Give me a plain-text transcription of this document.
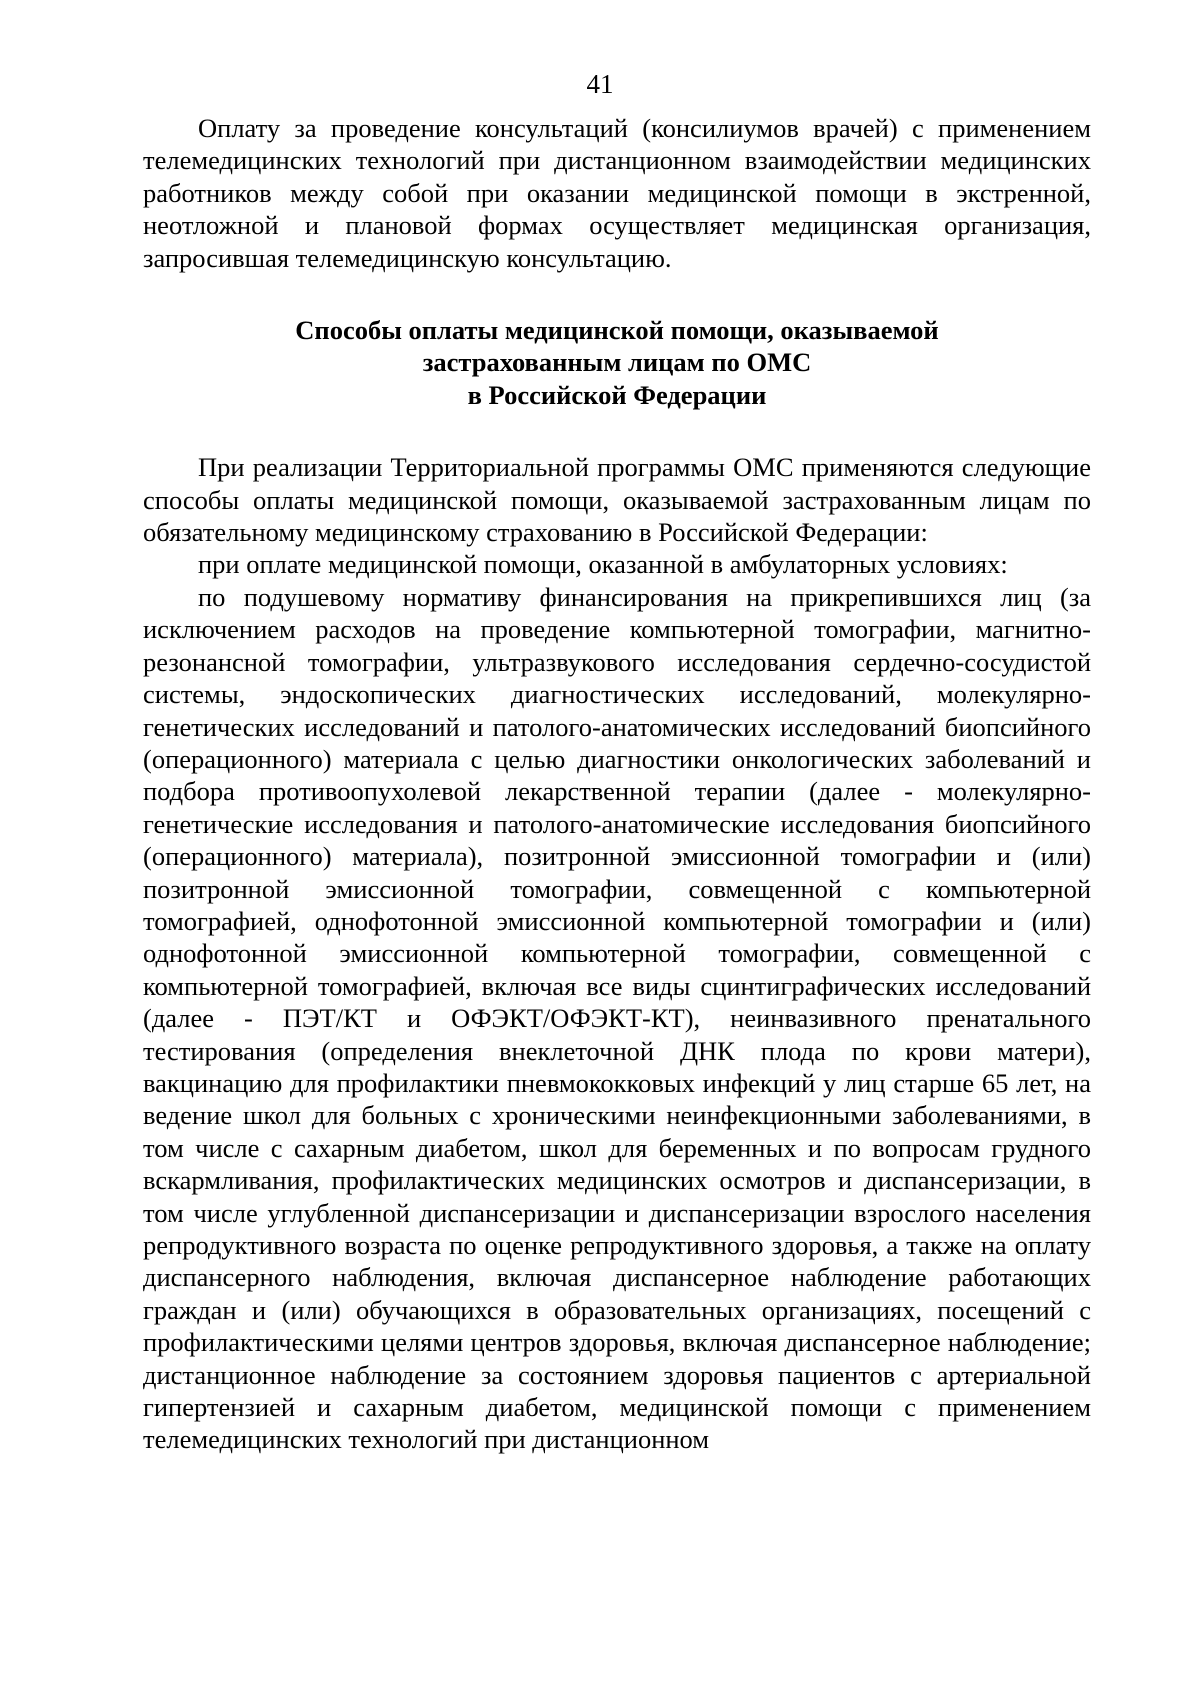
41

Оплату за проведение консультаций (консилиумов врачей) с применением телемедицинских технологий при дистанционном взаимодействии медицинских работников между собой при оказании медицинской помощи в экстренной, неотложной и плановой формах осуществляет медицинская организация, запросившая телемедицинскую консультацию.

Способы оплаты медицинской помощи, оказываемой
застрахованным лицам по ОМС
в Российской Федерации

При реализации Территориальной программы ОМС применяются следующие способы оплаты медицинской помощи, оказываемой застрахованным лицам по обязательному медицинскому страхованию в Российской Федерации:

при оплате медицинской помощи, оказанной в амбулаторных условиях:

по подушевому нормативу финансирования на прикрепившихся лиц (за исключением расходов на проведение компьютерной томографии, магнитно-резонансной томографии, ультразвукового исследования сердечно-сосудистой системы, эндоскопических диагностических исследований, молекулярно-генетических исследований и патолого-анатомических исследований биопсийного (операционного) материала с целью диагностики онкологических заболеваний и подбора противоопухолевой лекарственной терапии (далее - молекулярно-генетические исследования и патолого-анатомические исследования биопсийного (операционного) материала), позитронной эмиссионной томографии и (или) позитронной эмиссионной томографии, совмещенной с компьютерной томографией, однофотонной эмиссионной компьютерной томографии и (или) однофотонной эмиссионной компьютерной томографии, совмещенной с компьютерной томографией, включая все виды сцинтиграфических исследований (далее - ПЭТ/КТ и ОФЭКТ/ОФЭКТ-КТ), неинвазивного пренатального тестирования (определения внеклеточной ДНК плода по крови матери), вакцинацию для профилактики пневмококковых инфекций у лиц старше 65 лет, на ведение школ для больных с хроническими неинфекционными заболеваниями, в том числе с сахарным диабетом, школ для беременных и по вопросам грудного вскармливания, профилактических медицинских осмотров и диспансеризации, в том числе углубленной диспансеризации и диспансеризации взрослого населения репродуктивного возраста по оценке репродуктивного здоровья, а также на оплату диспансерного наблюдения, включая диспансерное наблюдение работающих граждан и (или) обучающихся в образовательных организациях, посещений с профилактическими целями центров здоровья, включая диспансерное наблюдение; дистанционное наблюдение за состоянием здоровья пациентов с артериальной гипертензией и сахарным диабетом, медицинской помощи с применением телемедицинских технологий при дистанционном
